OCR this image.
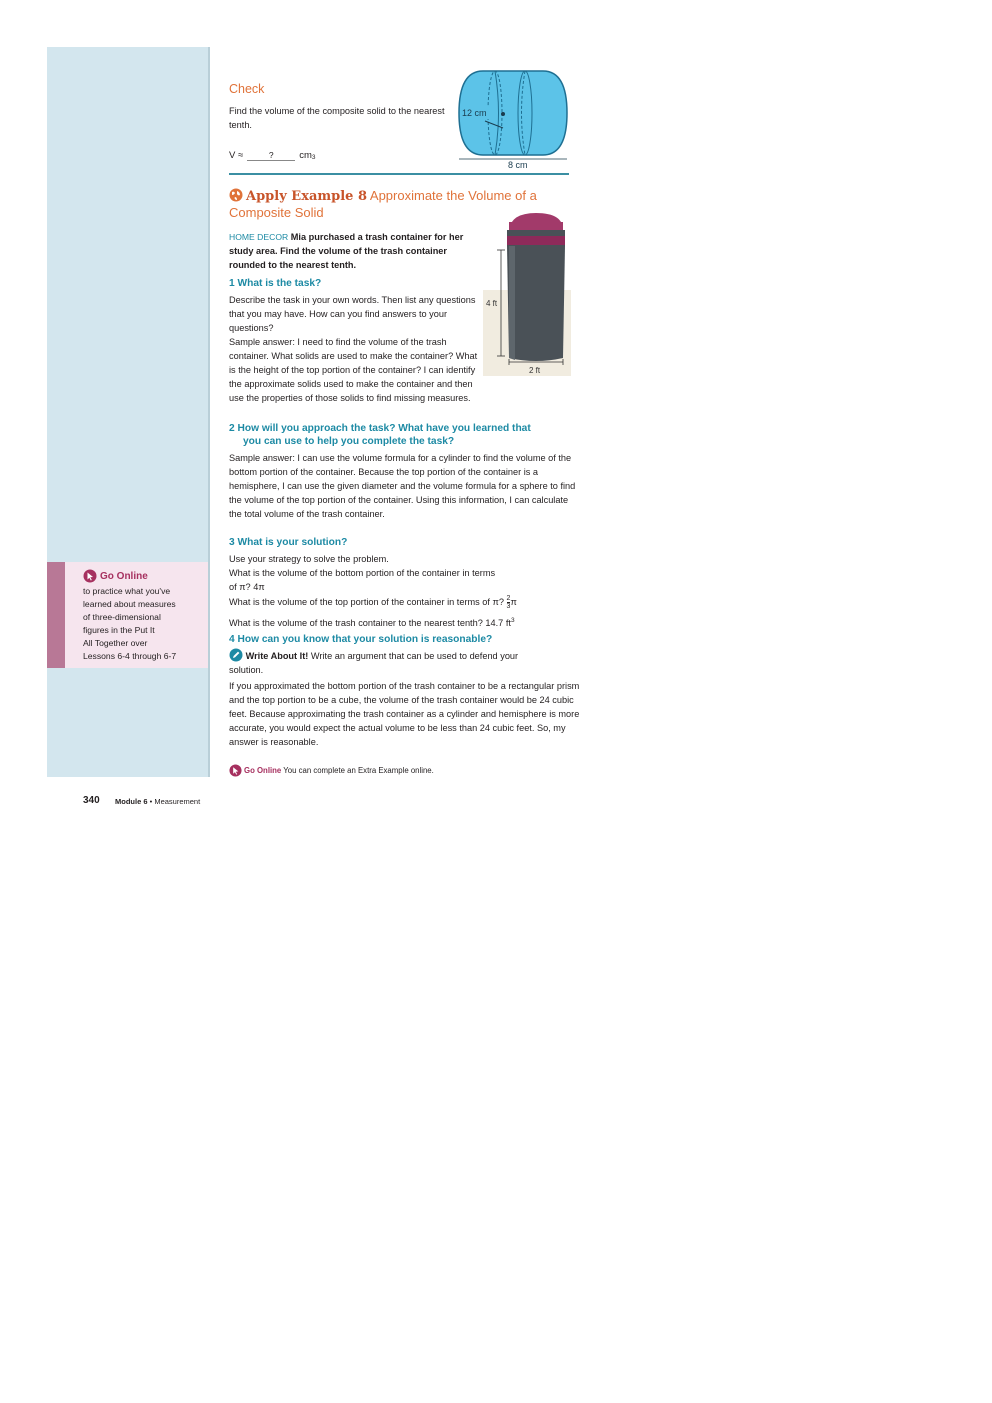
Go Online
to practice what you've
learned about measures
of three-dimensional
figures in the Put It
All Together over
Lessons 6-4 through 6-7
Check
Find the volume of the composite solid to the nearest tenth.
V ≈	?	$cm_3$
12 cm
8 cm
Apply Example 8 Approximate the Volume of a Composite Solid
HOME DECOR Mia purchased a trash container for her study area. Find the volume of the trash container rounded to the nearest tenth.
4 ft
2 ft
1 What is the task?
Describe the task in your own words. Then list any questions that you may have. How can you find answers to your questions?
Sample answer: I need to find the volume of the trash container. What solids are used to make the container? What is the height of the top portion of the container? I can identify the approximate solids used to make the container and then use the properties of those solids to find missing measures.
2 How will you approach the task? What have you learned that
you can use to help you complete the task?
Sample answer: I can use the volume formula for a cylinder to find the volume of the bottom portion of the container. Because the top portion of the container is a hemisphere, I can use the given diameter and the volume formula for a sphere to find the volume of the top portion of the container. Using this information, I can calculate the total volume of the trash container.
3 What is your solution?
Use your strategy to solve the problem.
What is the volume of the bottom portion of the container in terms
of π? 4π
What is the volume of the top portion of the container in terms of π? $\frac{2}{3}$ π
What is the volume of the trash container to the nearest tenth? 14.7 $ft^3$
4 How can you know that your solution is reasonable?
Write About It! Write an argument that can be used to defend your solution.
If you approximated the bottom portion of the trash container to be a rectangular prism and the top portion to be a cube, the volume of the trash container would be 24 cubic feet. Because approximating the trash container as a cylinder and hemisphere is more accurate, you would expect the actual volume to be less than 24 cubic feet. So, my answer is reasonable.
Go Online You can complete an Extra Example online.
340 Module 6 • Measurement
